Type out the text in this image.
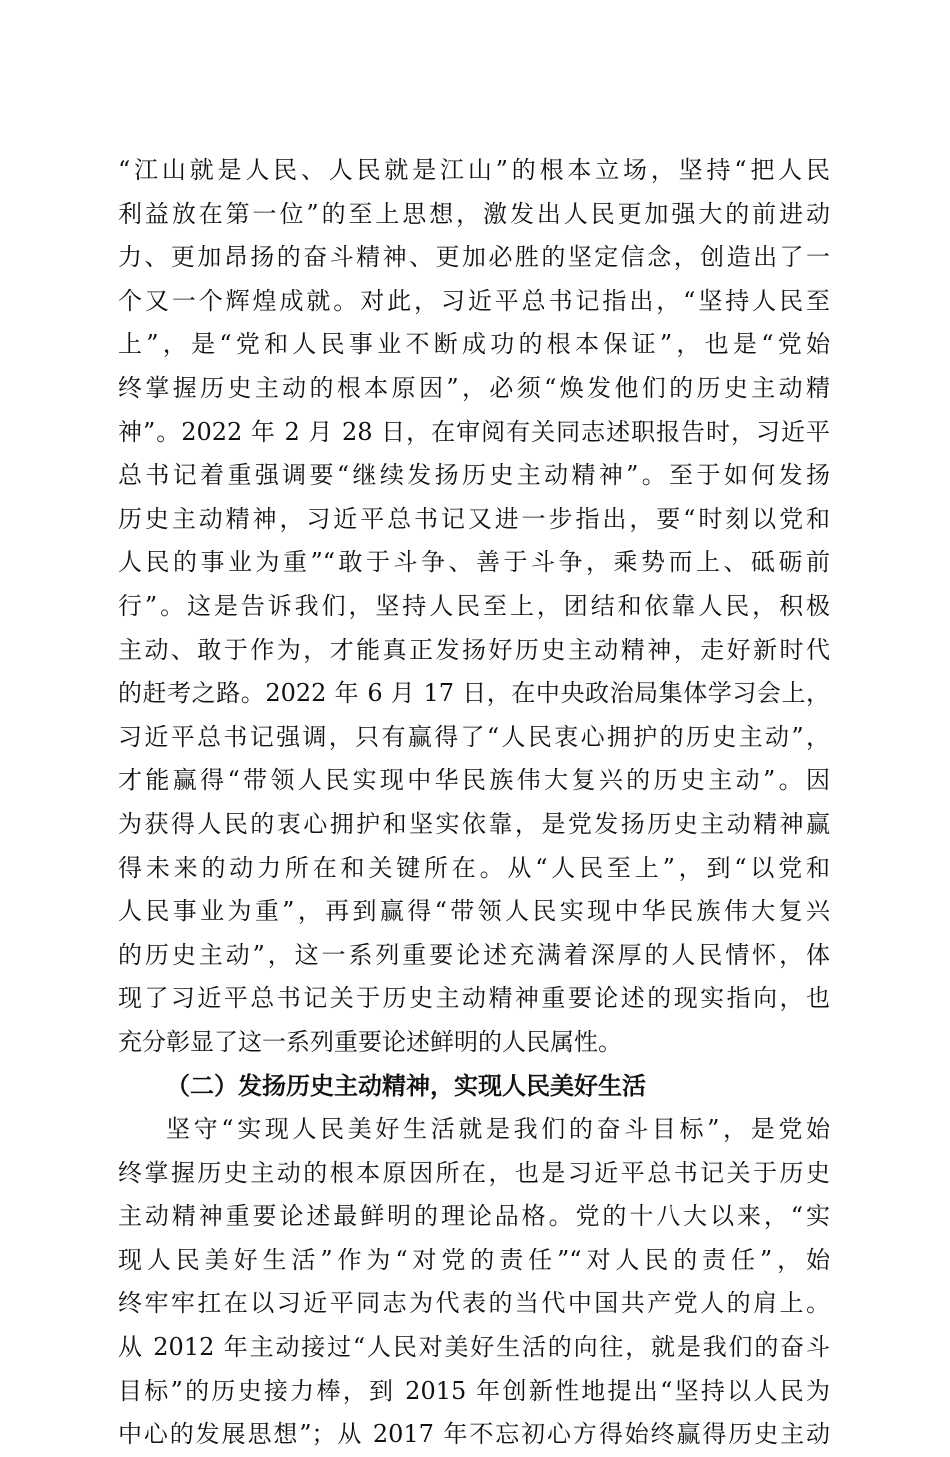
“江山就是人民、人民就是江山”的根本立场，坚持“把人民
利益放在第一位”的至上思想，激发出人民更加强大的前进动
力、更加昂扬的奋斗精神、更加必胜的坚定信念，创造出了一
个又一个辉煌成就。对此，习近平总书记指出，“坚持人民至
上”，是“党和人民事业不断成功的根本保证”，也是“党始
终掌握历史主动的根本原因”，必须“焕发他们的历史主动精
神”。2022 年 2 月 28 日，在审阅有关同志述职报告时，习近平
总书记着重强调要“继续发扬历史主动精神”。至于如何发扬
历史主动精神，习近平总书记又进一步指出，要“时刻以党和
人民的事业为重”“敢于斗争、善于斗争，乘势而上、砥砺前
行”。这是告诉我们，坚持人民至上，团结和依靠人民，积极
主动、敢于作为，才能真正发扬好历史主动精神，走好新时代
的赶考之路。2022 年 6 月 17 日，在中央政治局集体学习会上，
习近平总书记强调，只有赢得了“人民衷心拥护的历史主动”，
才能赢得“带领人民实现中华民族伟大复兴的历史主动”。因
为获得人民的衷心拥护和坚实依靠，是党发扬历史主动精神赢
得未来的动力所在和关键所在。从“人民至上”，到“以党和
人民事业为重”，再到赢得“带领人民实现中华民族伟大复兴
的历史主动”，这一系列重要论述充满着深厚的人民情怀，体
现了习近平总书记关于历史主动精神重要论述的现实指向，也
充分彰显了这一系列重要论述鲜明的人民属性。
（二）发扬历史主动精神，实现人民美好生活
坚守“实现人民美好生活就是我们的奋斗目标”，是党始
终掌握历史主动的根本原因所在，也是习近平总书记关于历史
主动精神重要论述最鲜明的理论品格。党的十八大以来，“实
现人民美好生活”作为“对党的责任”“对人民的责任”，始
终牢牢扛在以习近平同志为代表的当代中国共产党人的肩上。
从 2012 年主动接过“人民对美好生活的向往，就是我们的奋斗
目标”的历史接力棒，到 2015 年创新性地提出“坚持以人民为
中心的发展思想”；从 2017 年不忘初心方得始终赢得历史主动
